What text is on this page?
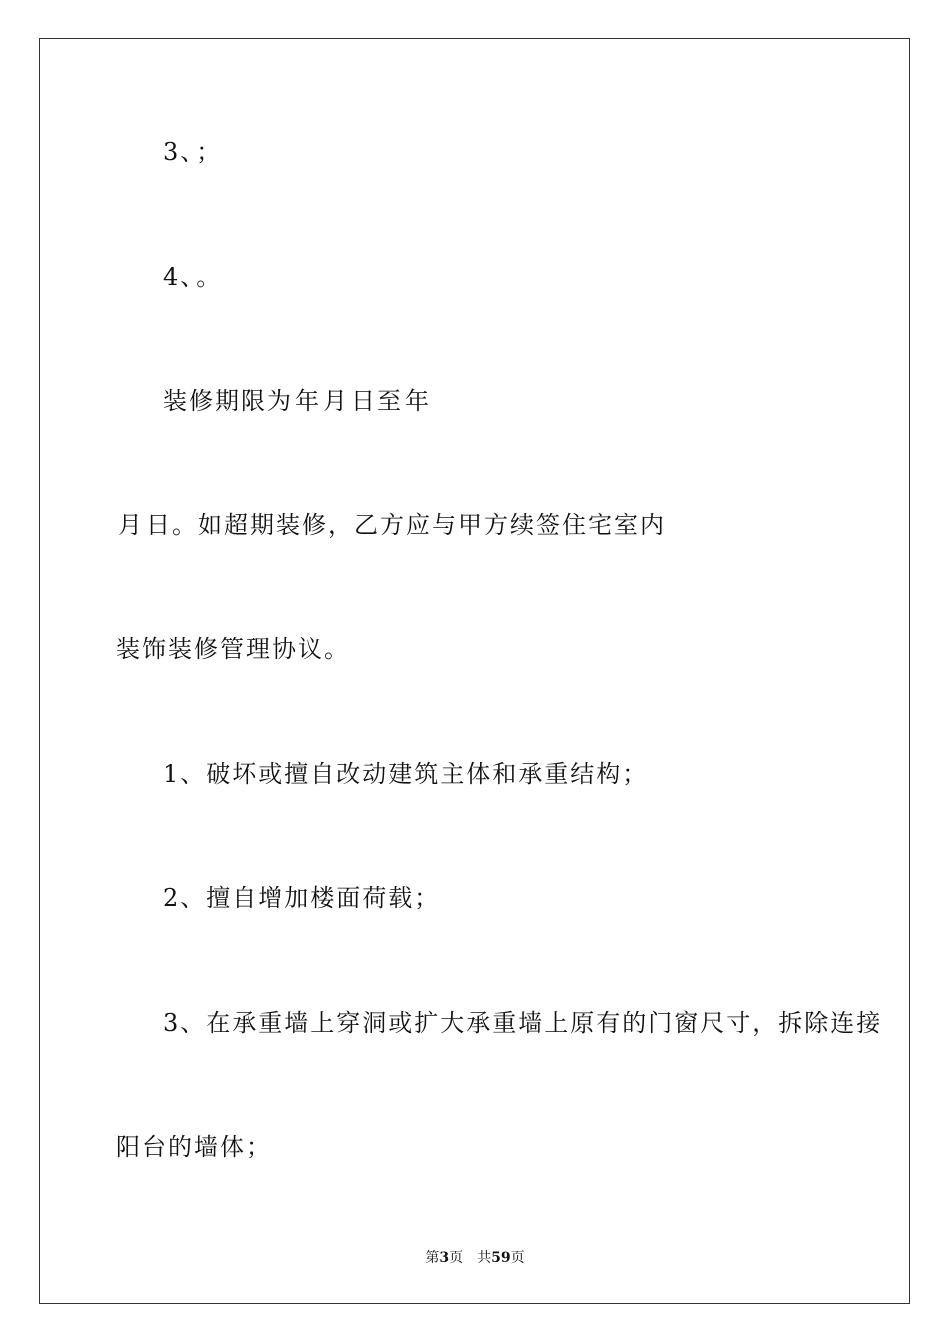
3、；
4、。
装修期限为年月日至年
月日。如超期装修，乙方应与甲方续签住宅室内
装饰装修管理协议。
1、破坏或擅自改动建筑主体和承重结构；
2、擅自增加楼面荷载；
3、在承重墙上穿洞或扩大承重墙上原有的门窗尺寸，拆除连接
阳台的墙体；
第3页 共59页
